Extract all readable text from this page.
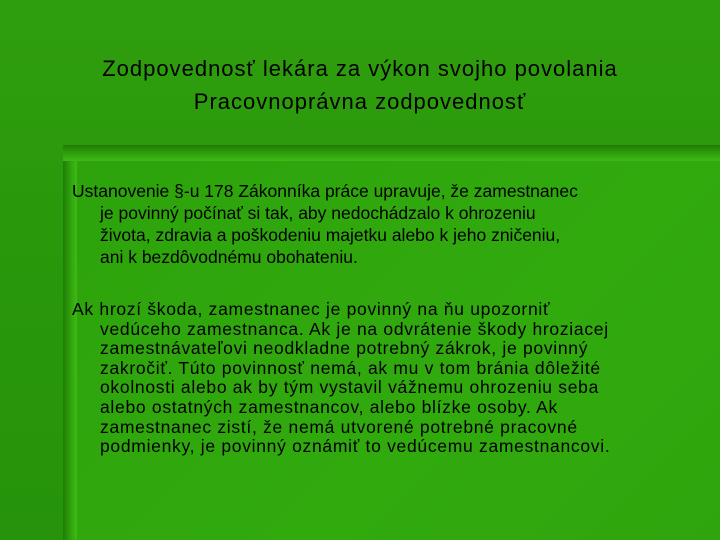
Zodpovednosť lekára za výkon svojho povolania
Pracovnoprávna zodpovednosť
Ustanovenie §-u 178 Zákonníka práce upravuje, že zamestnanec
je povinný počínať si tak, aby nedochádzalo k ohrozeniu
života, zdravia a poškodeniu majetku alebo k jeho zničeniu,
ani k bezdôvodnému obohateniu.
Ak hrozí škoda, zamestnanec je povinný na ňu upozorniť
vedúceho zamestnanca. Ak je na odvrátenie škody hroziacej
zamestnávateľovi neodkladne potrebný zákrok, je povinný
zakročiť. Túto povinnosť nemá, ak mu v tom bránia dôležité
okolnosti alebo ak by tým vystavil vážnemu ohrozeniu seba
alebo ostatných zamestnancov, alebo blízke osoby. Ak
zamestnanec zistí, že nemá utvorené potrebné pracovné
podmienky, je povinný oznámiť to vedúcemu zamestnancovi.
